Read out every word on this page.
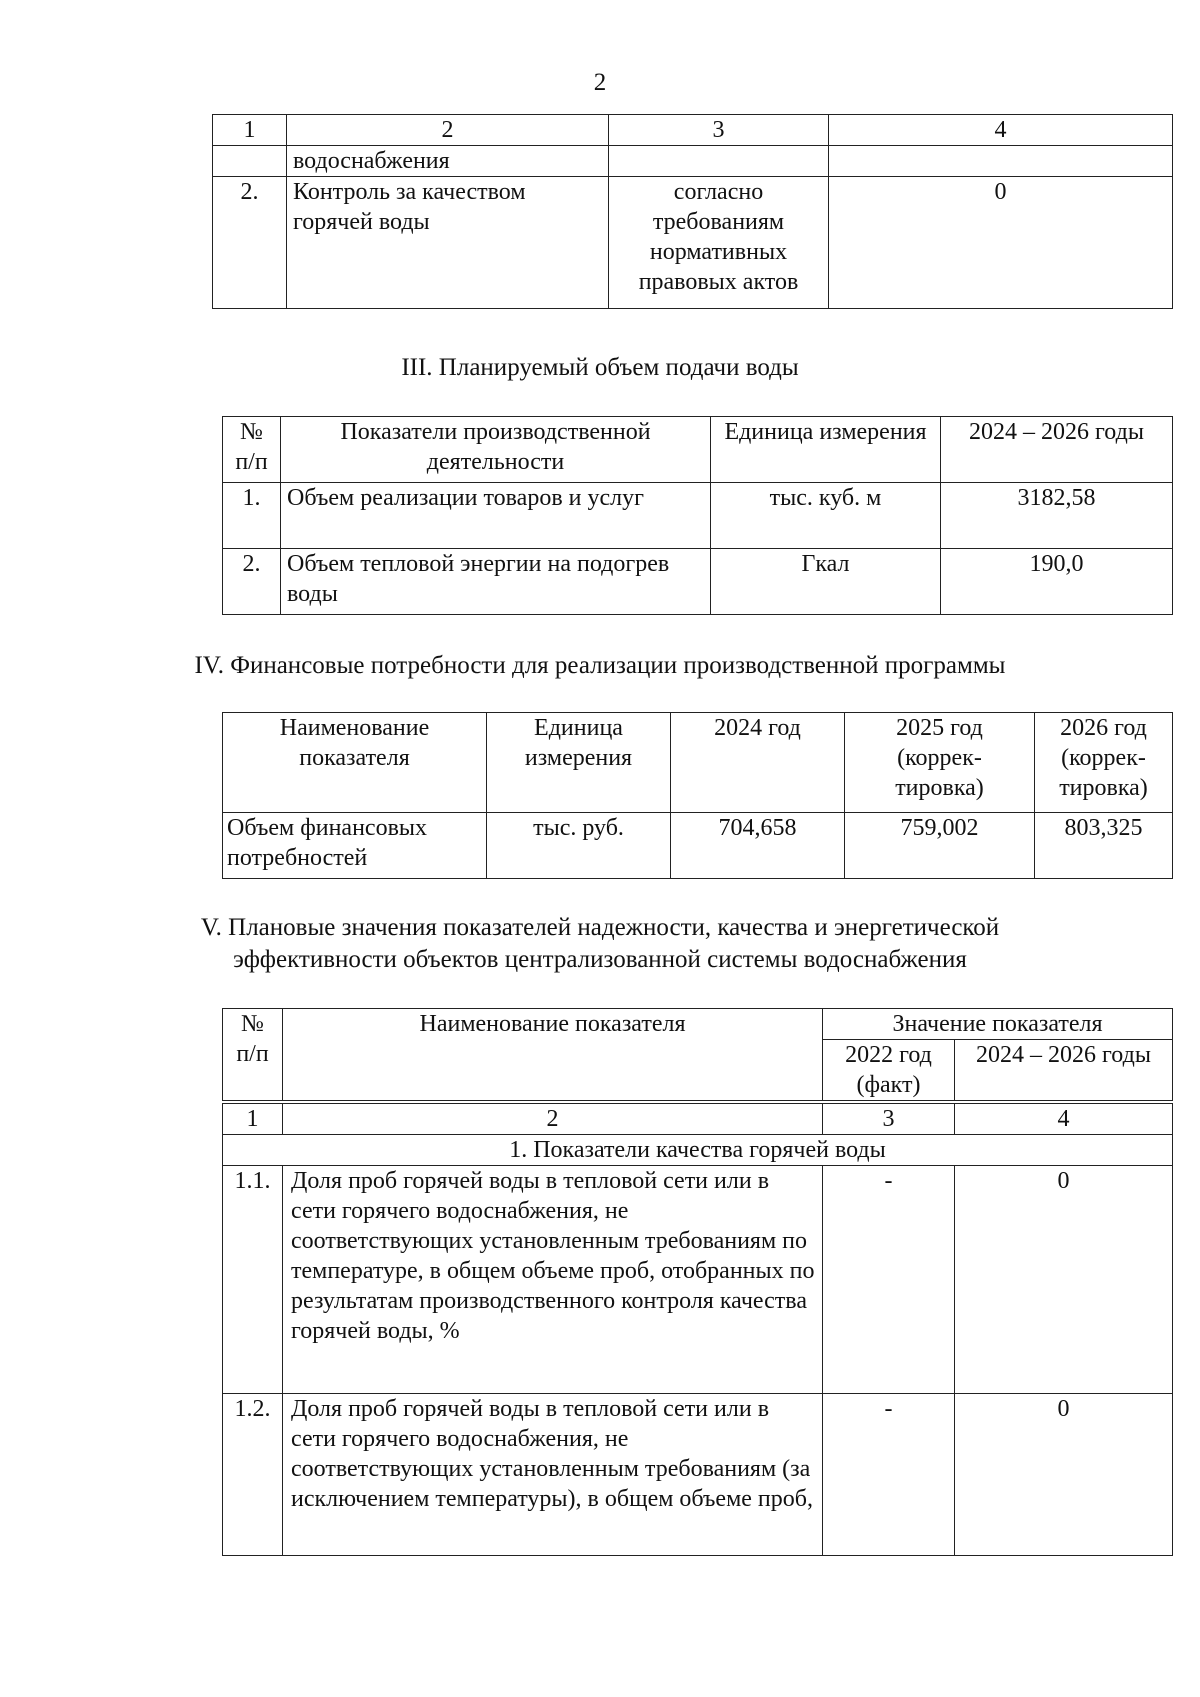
2
1	2	3	4
	водоснабжения		
2.	Контроль за качеством горячей воды	согласно требованиям нормативных правовых актов	0
III. Планируемый объем подачи воды
№ п/п	Показатели производственной деятельности	Единица измерения	2024 – 2026 годы
1.	Объем реализации товаров и услуг	тыс. куб. м	3182,58
2.	Объем тепловой энергии на подогрев воды	Гкал	190,0
IV. Финансовые потребности для реализации производственной программы
Наименование показателя	Единица измерения	2024 год	2025 год (коррек- тировка)	2026 год (коррек- тировка)
Объем финансовых потребностей	тыс. руб.	704,658	759,002	803,325
V. Плановые значения показателей надежности, качества и энергетической
эффективности объектов централизованной системы водоснабжения
№ п/п	Наименование показателя	Значение показателя	
		2022 год (факт)	2024 – 2026 годы

1	2	3	4
1. Показатели качества горячей воды			
1.1.	Доля проб горячей воды в тепловой сети или в сети горячего водоснабжения, не соответствующих установленным требованиям по температуре, в общем объеме проб, отобранных по результатам производственного контроля качества горячей воды, %	-	0
1.2.	Доля проб горячей воды в тепловой сети или в сети горячего водоснабжения, не соответствующих установленным требованиям (за исключением температуры), в общем объеме проб,	-	0
